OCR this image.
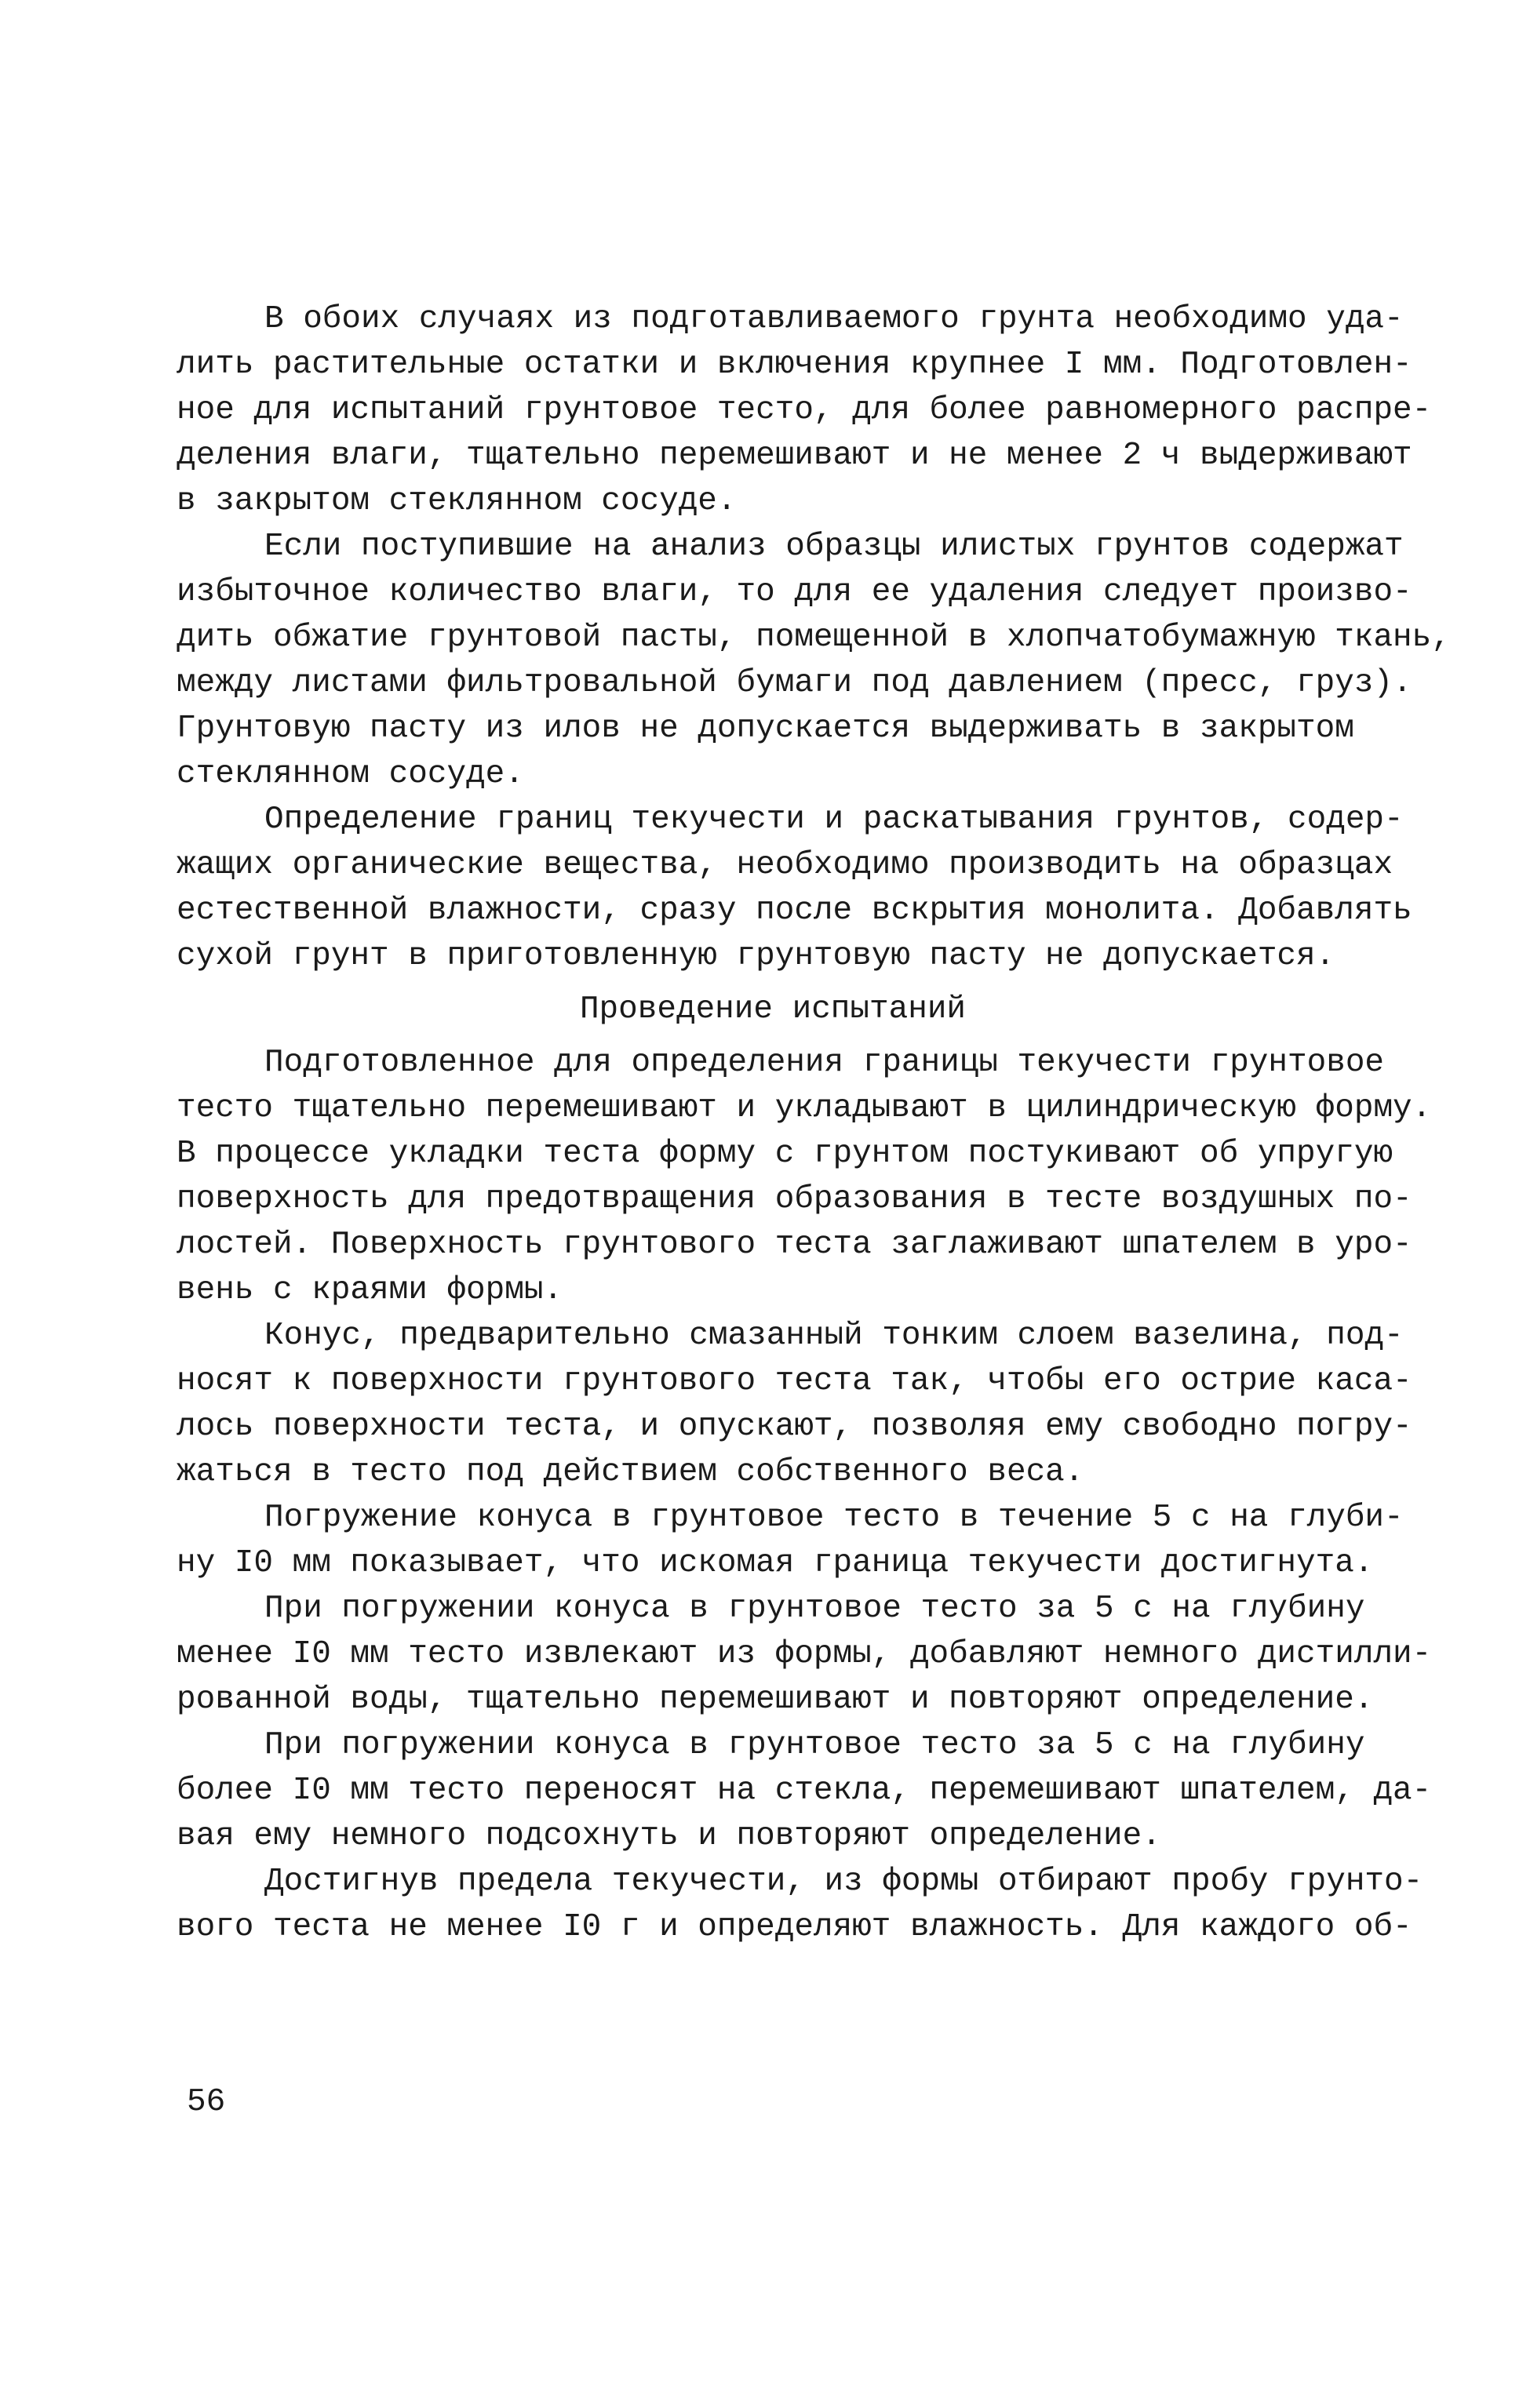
В обоих случаях из подготавливаемого грунта необходимо уда-
лить растительные остатки и включения крупнее I мм. Подготовлен-
ное для испытаний грунтовое тесто, для более равномерного распре-
деления влаги, тщательно перемешивают и не менее 2 ч выдерживают
в закрытом стеклянном сосуде.
Если поступившие на анализ образцы илистых грунтов содержат
избыточное количество влаги, то для ее удаления следует произво-
дить обжатие грунтовой пасты, помещенной в хлопчатобумажную ткань,
между листами фильтровальной бумаги под давлением (пресс, груз).
Грунтовую пасту из илов не допускается выдерживать в закрытом
стеклянном сосуде.
Определение границ текучести и раскатывания грунтов, содер-
жащих органические вещества, необходимо производить на образцах
естественной влажности, сразу после вскрытия монолита. Добавлять
сухой грунт в приготовленную грунтовую пасту не допускается.
Проведение испытаний
Подготовленное для определения границы текучести грунтовое
тесто тщательно перемешивают и укладывают в цилиндрическую форму.
В процессе укладки теста форму с грунтом постукивают об упругую
поверхность для предотвращения образования в тесте воздушных по-
лостей. Поверхность грунтового теста заглаживают шпателем в уро-
вень с краями формы.
Конус, предварительно смазанный тонким слоем вазелина, под-
носят к поверхности грунтового теста так, чтобы его острие каса-
лось поверхности теста, и опускают, позволяя ему свободно погру-
жаться в тесто под действием собственного веса.
Погружение конуса в грунтовое тесто в течение 5 с на глуби-
ну I0 мм показывает, что искомая граница текучести достигнута.
При погружении конуса в грунтовое тесто за 5 с на глубину
менее I0 мм тесто извлекают из формы, добавляют немного дистилли-
рованной воды, тщательно перемешивают и повторяют определение.
При погружении конуса в грунтовое тесто за 5 с на глубину
более I0 мм тесто переносят на стекла, перемешивают шпателем, да-
вая ему немного подсохнуть и повторяют определение.
Достигнув предела текучести, из формы отбирают пробу грунто-
вого теста не менее I0 г и определяют влажность. Для каждого об-
56
